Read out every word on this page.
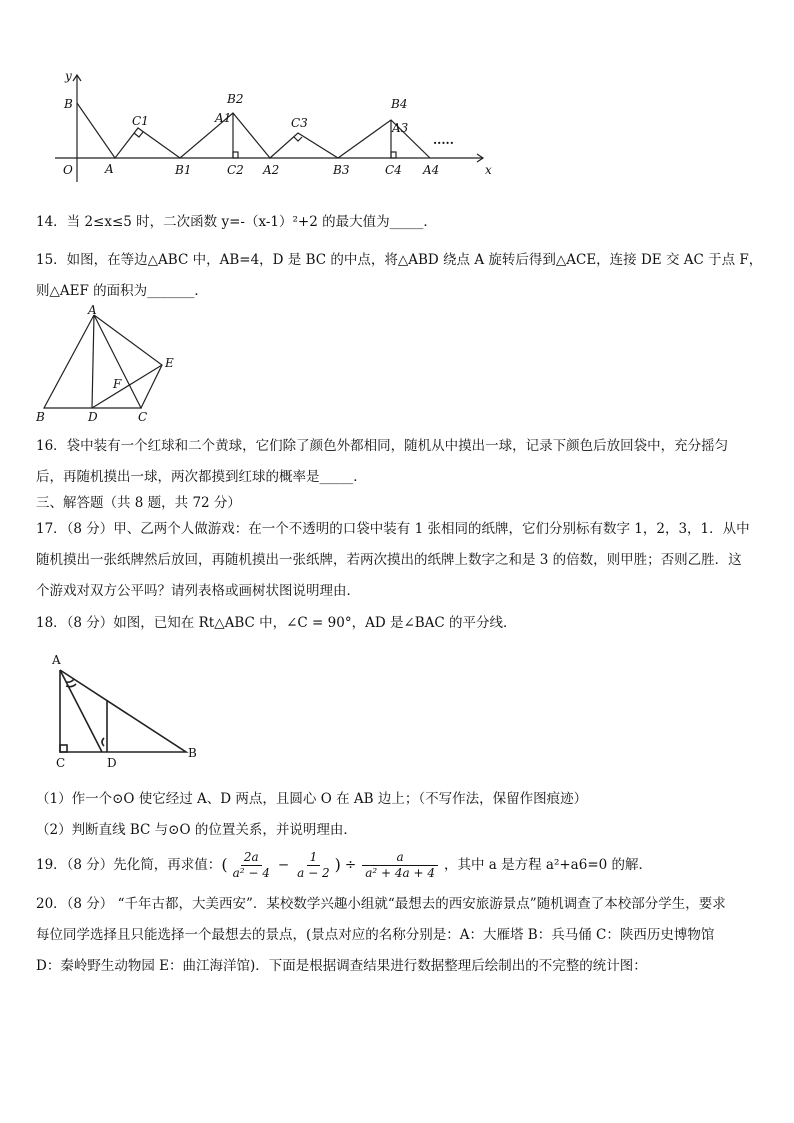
y
x
O
B
A
C1
B1
B2
A1
C2 A2
C3
B3
B4
A3
C4 A4
.....
14．当 2≤x≤5 时，二次函数 y=-（x-1）²+2 的最大值为_____．
15．如图，在等边△ABC 中，AB=4，D 是 BC 的中点，将△ABD 绕点 A 旋转后得到△ACE，连接 DE 交 AC 于点 F，
则△AEF 的面积为_______．
A
B	C
D
E
F
16．袋中装有一个红球和二个黄球，它们除了颜色外都相同，随机从中摸出一球，记录下颜色后放回袋中，充分摇匀
后，再随机摸出一球，两次都摸到红球的概率是_____．
三、解答题（共 8 题，共 72 分）
17．（8 分）甲、乙两个人做游戏：在一个不透明的口袋中装有 1 张相同的纸牌，它们分别标有数字 1，2，3，1．从中
随机摸出一张纸牌然后放回，再随机摸出一张纸牌，若两次摸出的纸牌上数字之和是 3 的倍数，则甲胜；否则乙胜．这
个游戏对双方公平吗？请列表格或画树状图说明理由．
18．（8 分）如图，已知在 Rt△ABC 中，∠C = 90°，AD 是∠BAC 的平分线．
A
B
C	D
（1）作一个⊙O 使它经过 A、D 两点，且圆心 O 在 AB 边上；（不写作法，保留作图痕迹）
（2）判断直线 BC 与⊙O 的位置关系，并说明理由．
19．（8 分）先化简，再求值： ( $\frac{2a}{\text{a² − 4}} - \frac{1}{a - 2}$ ) ÷ $\frac{a}{\text{a² + 4a + 4}}$ ，其中 a 是方程 a²+a6=0 的解．
20．（8 分） “千年古都，大美西安”．某校数学兴趣小组就“最想去的西安旅游景点”随机调查了本校部分学生，要求
每位同学选择且只能选择一个最想去的景点，(景点对应的名称分别是：A：大雁塔 B：兵马俑 C：陕西历史博物馆
D：秦岭野生动物园 E：曲江海洋馆)．下面是根据调查结果进行数据整理后绘制出的不完整的统计图：
